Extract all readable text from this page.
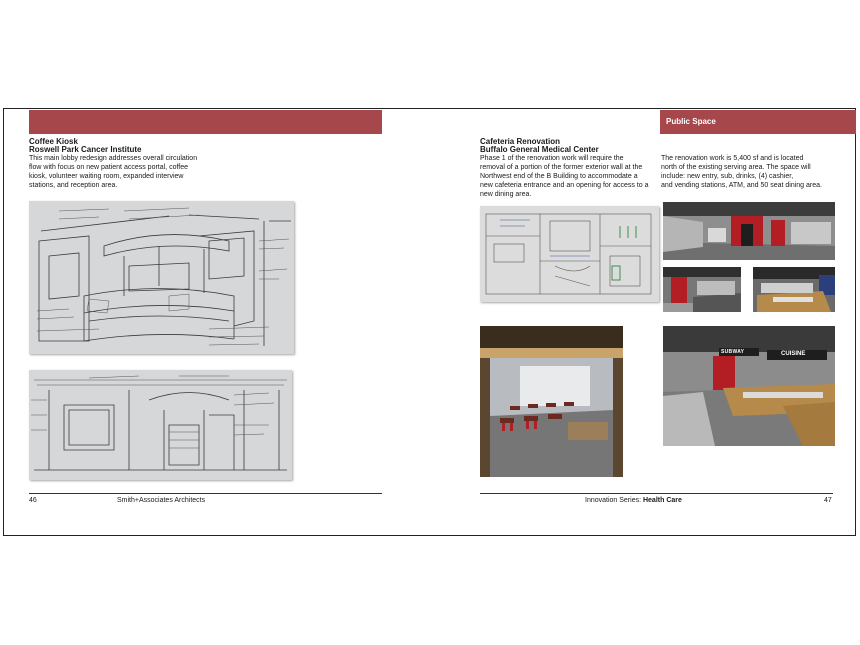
Coffee Kiosk
Roswell Park Cancer Institute

This main lobby redesign addresses overall circulation

flow with focus on new patient access portal, coffee

kiosk, volunteer waiting room, expanded interview

stations, and reception area.

46	Smith+Associates Architects
Public Space
Cafeteria Renovation
Buffalo General Medical Center

Phase 1 of the renovation work will require the

removal of a portion of the former exterior wall at the

Northwest end of the B Building to accommodate a

new cafeteria entrance and an opening for access to a

new dining area.

The renovation work is 5,400 sf and is located

north of the existing serving area. The space will

include: new entry, sub, drinks, (4) cashier,

and vending stations, ATM, and 50 seat dining area.

SUBWAY	CUISINE
Innovation Series: Health Care	47
